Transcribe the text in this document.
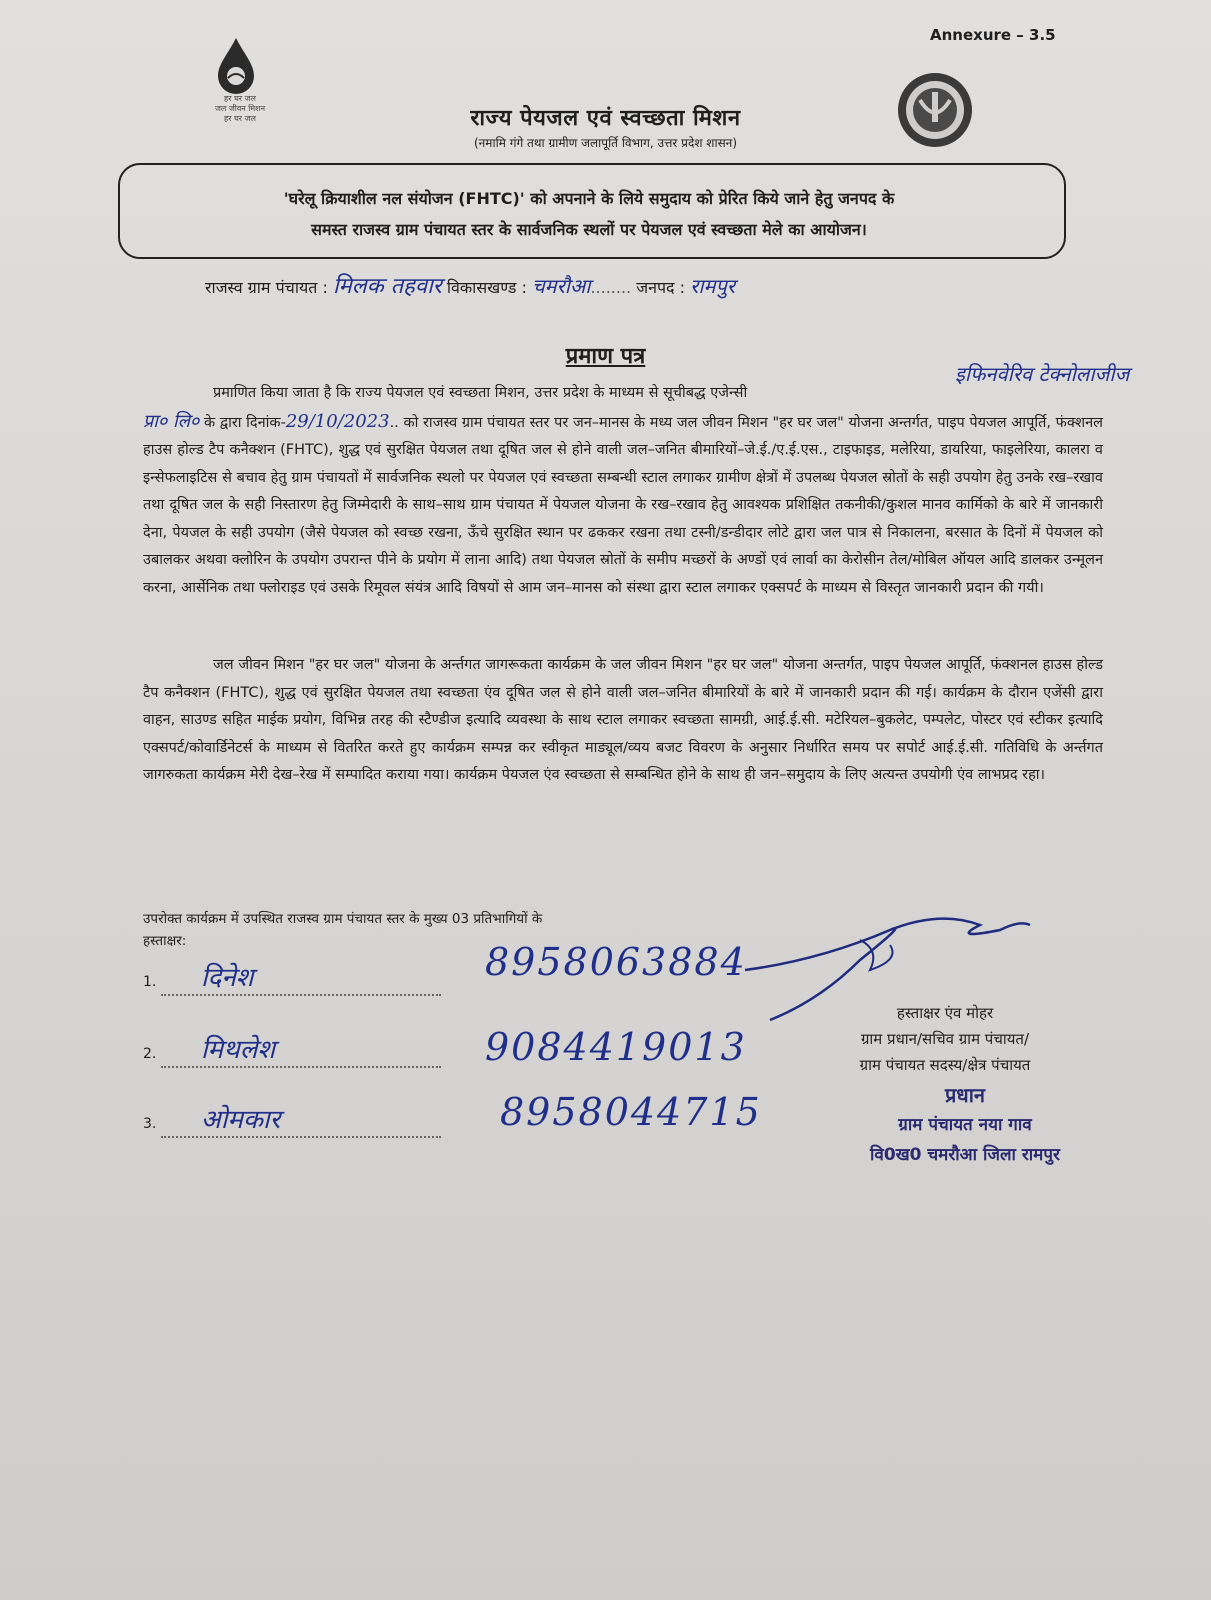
Annexure – 3.5
हर घर जल
जल जीवन मिशन
हर घर जल	राज्य पेयजल एवं स्वच्छता मिशन
(नमामि गंगे तथा ग्रामीण जलापूर्ति विभाग, उत्तर प्रदेश शासन)
'घरेलू क्रियाशील नल संयोजन (FHTC)' को अपनाने के लिये समुदाय को प्रेरित किये जाने हेतु जनपद के
समस्त राजस्व ग्राम पंचायत स्तर के सार्वजनिक स्थलों पर पेयजल एवं स्वच्छता मेले का आयोजन।
राजस्व ग्राम पंचायत : मिलक तहवार विकासखण्ड : चमरौआ........ जनपद : रामपुर
प्रमाण पत्र
इफिनवेरिव टेक्नोलाजीज

प्रमाणित किया जाता है कि राज्य पेयजल एवं स्वच्छता मिशन, उत्तर प्रदेश के माध्यम से सूचीबद्ध एजेन्सी
प्रा० लि० के द्वारा दिनांक-29/10/2023.. को राजस्व ग्राम पंचायत स्तर पर जन–मानस के मध्य जल जीवन मिशन "हर घर जल" योजना अन्तर्गत, पाइप पेयजल आपूर्ति, फंक्शनल हाउस होल्ड टैप कनैक्शन (FHTC), शुद्ध एवं सुरक्षित पेयजल तथा दूषित जल से होने वाली जल–जनित बीमारियों–जे.ई./ए.ई.एस., टाइफाइड, मलेरिया, डायरिया, फाइलेरिया, कालरा व इन्सेफलाइटिस से बचाव हेतु ग्राम पंचायतों में सार्वजनिक स्थलो पर पेयजल एवं स्वच्छता सम्बन्धी स्टाल लगाकर ग्रामीण क्षेत्रों में उपलब्ध पेयजल स्रोतों के सही उपयोग हेतु उनके रख–रखाव तथा दूषित जल के सही निस्तारण हेतु जिम्मेदारी के साथ–साथ ग्राम पंचायत में पेयजल योजना के रख–रखाव हेतु आवश्यक प्रशिक्षित तकनीकी/कुशल मानव कार्मिको के बारे में जानकारी देना, पेयजल के सही उपयोग (जैसे पेयजल को स्वच्छ रखना, ऊँचे सुरक्षित स्थान पर ढककर रखना तथा टस्नी/डन्डीदार लोटे द्वारा जल पात्र से निकालना, बरसात के दिनों में पेयजल को उबालकर अथवा क्लोरिन के उपयोग उपरान्त पीने के प्रयोग में लाना आदि) तथा पेयजल स्रोतों के समीप मच्छरों के अण्डों एवं लार्वा का केरोसीन तेल/मोबिल ऑयल आदि डालकर उन्मूलन करना, आर्सेनिक तथा फ्लोराइड एवं उसके रिमूवल संयंत्र आदि विषयों से आम जन–मानस को संस्था द्वारा स्टाल लगाकर एक्सपर्ट के माध्यम से विस्तृत जानकारी प्रदान की गयी।

जल जीवन मिशन "हर घर जल" योजना के अर्न्तगत जागरूकता कार्यक्रम के जल जीवन मिशन "हर घर जल" योजना अन्तर्गत, पाइप पेयजल आपूर्ति, फंक्शनल हाउस होल्ड टैप कनैक्शन (FHTC), शुद्ध एवं सुरक्षित पेयजल तथा स्वच्छता एंव दूषित जल से होने वाली जल–जनित बीमारियों के बारे में जानकारी प्रदान की गई। कार्यक्रम के दौरान एजेंसी द्वारा वाहन, साउण्ड सहित माईक प्रयोग, विभिन्न तरह की स्टैण्डीज इत्यादि व्यवस्था के साथ स्टाल लगाकर स्वच्छता सामग्री, आई.ई.सी. मटेरियल–बुकलेट, पम्पलेट, पोस्टर एवं स्टीकर इत्यादि एक्सपर्ट/कोवार्डिनेटर्स के माध्यम से वितरित करते हुए कार्यक्रम सम्पन्न कर स्वीकृत माड्यूल/व्यय बजट विवरण के अनुसार निर्धारित समय पर सपोर्ट आई.ई.सी. गतिविधि के अर्न्तगत जागरुकता कार्यक्रम मेरी देख–रेख में सम्पादित कराया गया। कार्यक्रम पेयजल एंव स्वच्छता से सम्बन्धित होने के साथ ही जन–समुदाय के लिए अत्यन्त उपयोगी एंव लाभप्रद रहा।

उपरोक्त कार्यक्रम में उपस्थित राजस्व ग्राम पंचायत स्तर के मुख्य 03 प्रतिभागियों के
हस्ताक्षर:
1. दिनेश	8958063884
2. मिथलेश	9084419013
3. ओमकार	8958044715
हस्ताक्षर एंव मोहर
ग्राम प्रधान/सचिव ग्राम पंचायत/
ग्राम पंचायत सदस्य/क्षेत्र पंचायत
प्रधान
ग्राम पंचायत नया गाव
वि0ख0 चमरौआ जिला रामपुर
